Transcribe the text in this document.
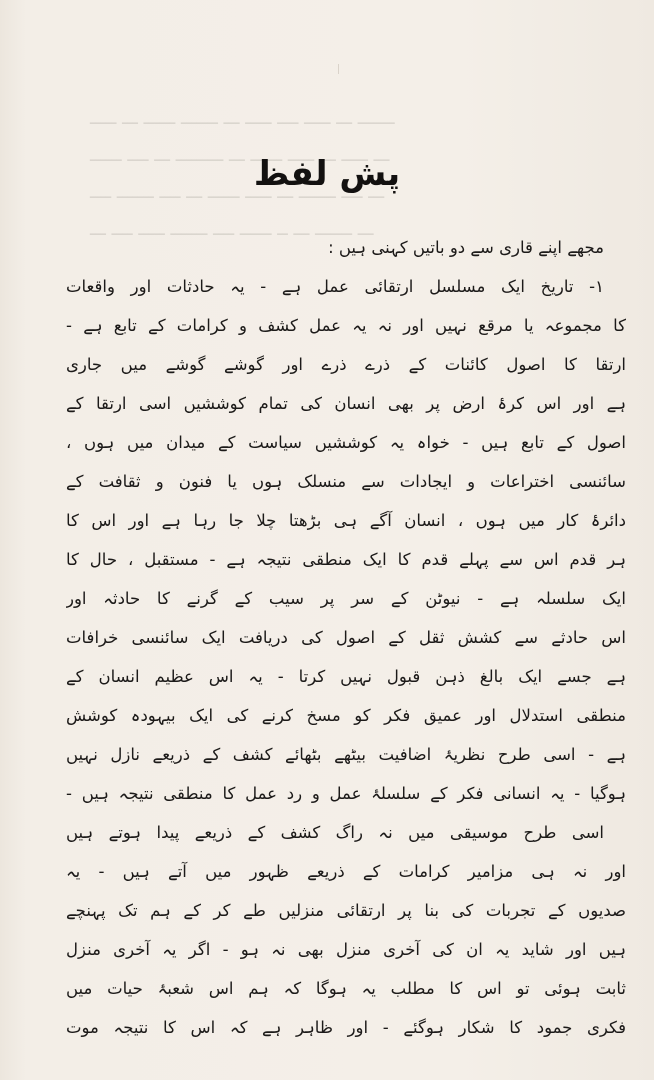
ـــــ ـــ ــــــ ـــــــ ـــ ـــــ ــــ ـــــ ـــ ـــــــ
ــــــ ــــ ـــ ـــــــــ ـــ ــــــ ـــــ ـــ ـــــ ـــ
ــــ ـــــــ ــــ ـــ ــــــ ـــــ ـــ ـــــــ ــــ ـــ
ـــ ــــ ـــــ ـــــــ ــــ ــــــ ــ ـــ ـــــــ ـــ
پش لفظ
مجھے اپنے قاری سے دو باتیں کہنی ہیں :
۱- تاریخ ایک مسلسل ارتقائی عمل ہے - یہ حادثات اور واقعات
کا مجموعہ یا مرقع نہیں اور نہ یہ عمل کشف و کرامات کے تابع ہے -
ارتقا کا اصول کائنات کے ذرے ذرے اور گوشے گوشے میں جاری
ہے اور اس کرۂ ارض پر بھی انسان کی تمام کوششیں اسی ارتقا کے
اصول کے تابع ہیں - خواہ یہ کوششیں سیاست کے میدان میں ہوں ،
سائنسی اختراعات و ایجادات سے منسلک ہوں یا فنون و ثقافت کے
دائرۂ کار میں ہوں ، انسان آگے ہی بڑھتا چلا جا رہا ہے اور اس کا
ہر قدم اس سے پہلے قدم کا ایک منطقی نتیجہ ہے - مستقبل ، حال کا
ایک سلسلہ ہے - نیوٹن کے سر پر سیب کے گرنے کا حادثہ اور
اس حادثے سے کشش ثقل کے اصول کی دریافت ایک سائنسی خرافات
ہے جسے ایک بالغ ذہن قبول نہیں کرتا - یہ اس عظیم انسان کے
منطقی استدلال اور عمیق فکر کو مسخ کرنے کی ایک بیہودہ کوشش
ہے - اسی طرح نظریۂ اضافیت بیٹھے بٹھائے کشف کے ذریعے نازل نہیں
ہوگیا - یہ انسانی فکر کے سلسلۂ عمل و رد عمل کا منطقی نتیجہ ہیں -
اسی طرح موسیقی میں نہ راگ کشف کے ذریعے پیدا ہوتے ہیں
اور نہ ہی مزامیر کرامات کے ذریعے ظہور میں آتے ہیں - یہ
صدیوں کے تجربات کی بنا پر ارتقائی منزلیں طے کر کے ہم تک پہنچے
ہیں اور شاید یہ ان کی آخری منزل بھی نہ ہو - اگر یہ آخری منزل
ثابت ہوئی تو اس کا مطلب یہ ہوگا کہ ہم اس شعبۂ حیات میں
فکری جمود کا شکار ہوگئے - اور ظاہر ہے کہ اس کا نتیجہ موت
